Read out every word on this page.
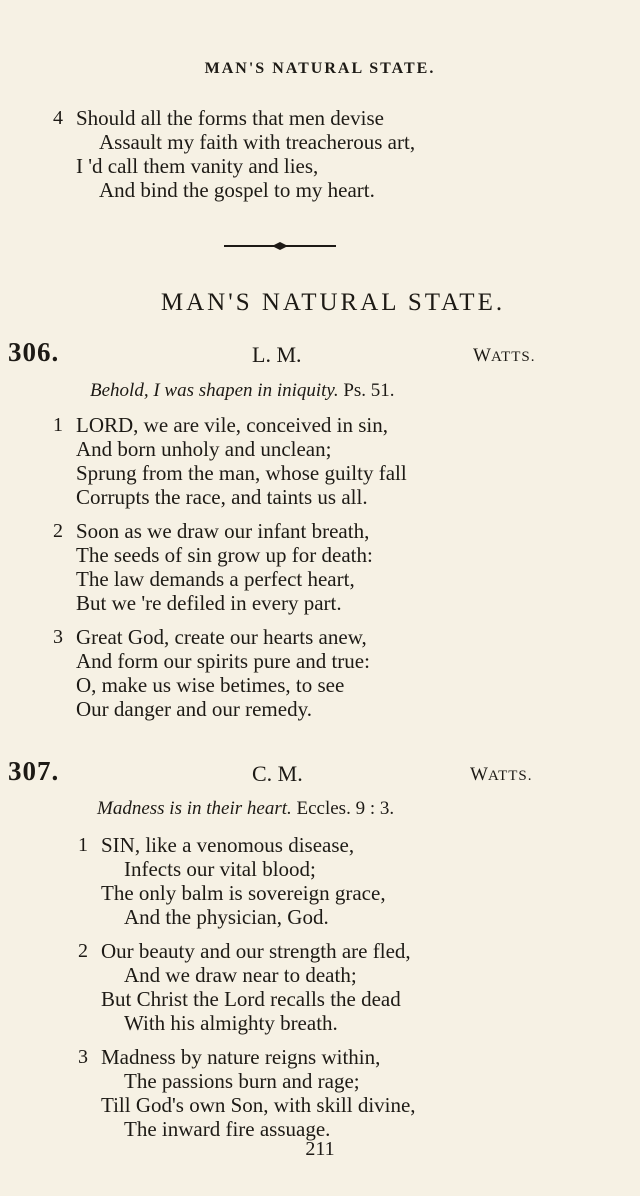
MAN'S NATURAL STATE.
4 Should all the forms that men devise
Assault my faith with treacherous art,
I 'd call them vanity and lies,
And bind the gospel to my heart.
MAN'S NATURAL STATE.
306.	L. M.	WATTS.
Behold, I was shapen in iniquity. Ps. 51.
1 LORD, we are vile, conceived in sin,
And born unholy and unclean;
Sprung from the man, whose guilty fall
Corrupts the race, and taints us all.
2 Soon as we draw our infant breath,
The seeds of sin grow up for death:
The law demands a perfect heart,
But we 're defiled in every part.
3 Great God, create our hearts anew,
And form our spirits pure and true:
O, make us wise betimes, to see
Our danger and our remedy.
307.	C. M.	WATTS.
Madness is in their heart. Eccles. 9 : 3.
1 SIN, like a venomous disease,
Infects our vital blood;
The only balm is sovereign grace,
And the physician, God.
2 Our beauty and our strength are fled,
And we draw near to death;
But Christ the Lord recalls the dead
With his almighty breath.
3 Madness by nature reigns within,
The passions burn and rage;
Till God's own Son, with skill divine,
The inward fire assuage.
211
